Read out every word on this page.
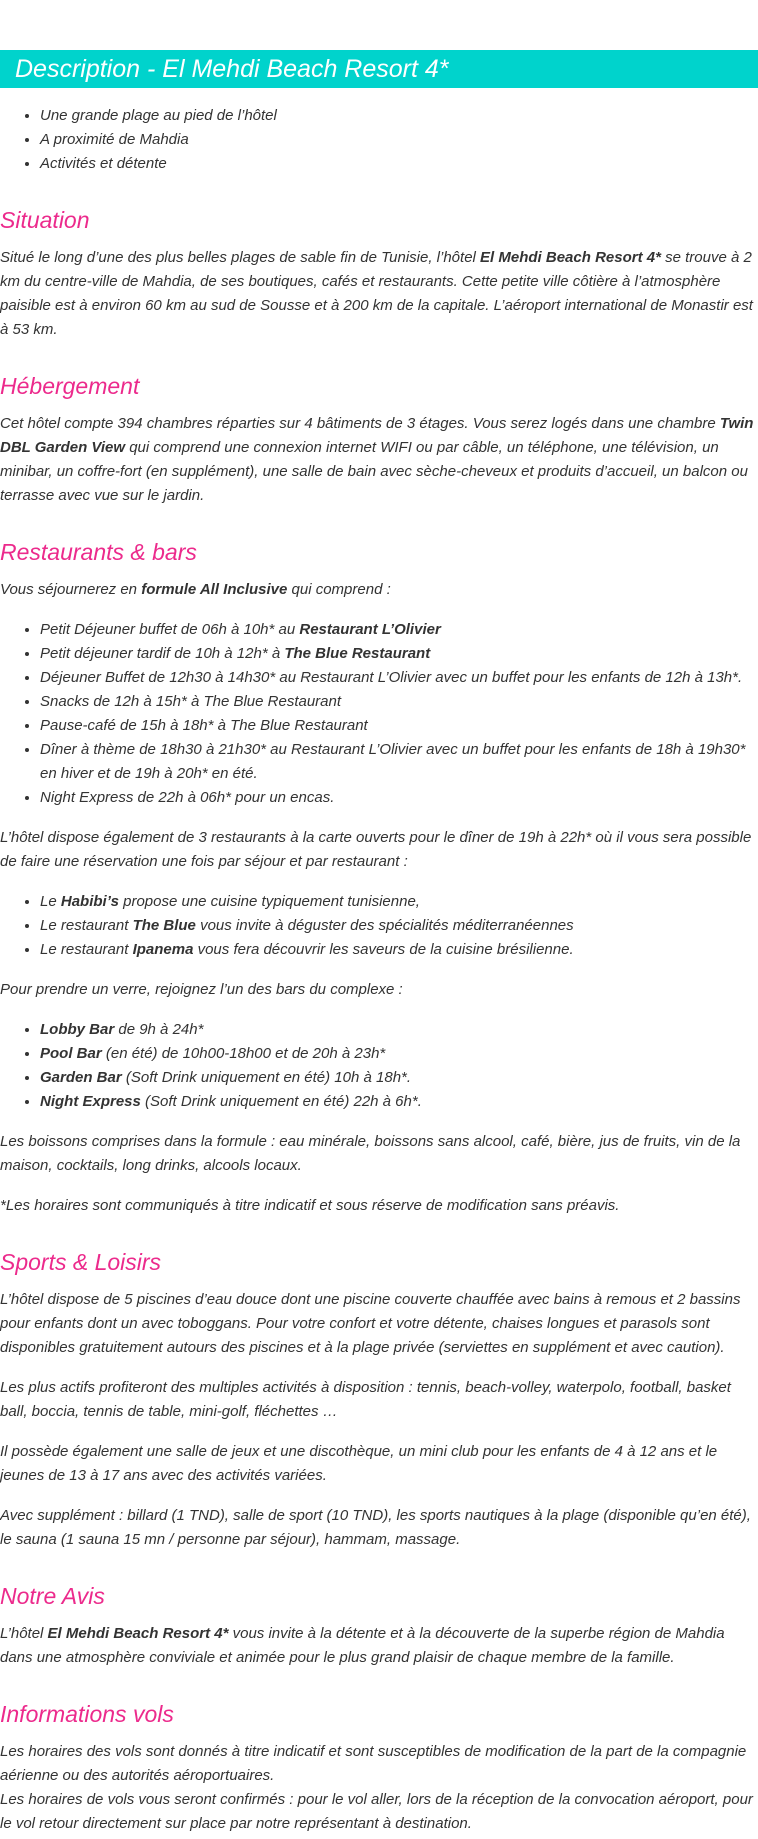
Description - El Mehdi Beach Resort 4*
• Une grande plage au pied de l’hôtel
• A proximité de Mahdia
• Activités et détente
Situation

Situé le long d’une des plus belles plages de sable fin de Tunisie, l’hôtel El Mehdi Beach Resort 4* se trouve à 2 km du centre-ville de Mahdia, de ses boutiques, cafés et restaurants. Cette petite ville côtière à l’atmosphère paisible est à environ 60 km au sud de Sousse et à 200 km de la capitale. L’aéroport international de Monastir est à 53 km.

Hébergement

Cet hôtel compte 394 chambres réparties sur 4 bâtiments de 3 étages. Vous serez logés dans une chambre Twin DBL Garden View qui comprend une connexion internet WIFI ou par câble, un téléphone, une télévision, un minibar, un coffre-fort (en supplément), une salle de bain avec sèche-cheveux et produits d’accueil, un balcon ou terrasse avec vue sur le jardin.

Restaurants & bars

Vous séjournerez en formule All Inclusive qui comprend :

• Petit Déjeuner buffet de 06h à 10h* au Restaurant L’Olivier
• Petit déjeuner tardif de 10h à 12h* à The Blue Restaurant
• Déjeuner Buffet de 12h30 à 14h30* au Restaurant L’Olivier avec un buffet pour les enfants de 12h à 13h*.
• Snacks de 12h à 15h* à The Blue Restaurant
• Pause-café de 15h à 18h* à The Blue Restaurant
• Dîner à thème de 18h30 à 21h30* au Restaurant L’Olivier avec un buffet pour les enfants de 18h à 19h30* en hiver et de 19h à 20h* en été.
• Night Express de 22h à 06h* pour un encas.

L’hôtel dispose également de 3 restaurants à la carte ouverts pour le dîner de 19h à 22h* où il vous sera possible de faire une réservation une fois par séjour et par restaurant :

• Le Habibi’s propose une cuisine typiquement tunisienne,
• Le restaurant The Blue vous invite à déguster des spécialités méditerranéennes
• Le restaurant Ipanema vous fera découvrir les saveurs de la cuisine brésilienne.

Pour prendre un verre, rejoignez l’un des bars du complexe :

• Lobby Bar de 9h à 24h*
• Pool Bar (en été) de 10h00-18h00 et de 20h à 23h*
• Garden Bar (Soft Drink uniquement en été) 10h à 18h*.
• Night Express (Soft Drink uniquement en été) 22h à 6h*.

Les boissons comprises dans la formule : eau minérale, boissons sans alcool, café, bière, jus de fruits, vin de la maison, cocktails, long drinks, alcools locaux.

*Les horaires sont communiqués à titre indicatif et sous réserve de modification sans préavis.

Sports & Loisirs

L’hôtel dispose de 5 piscines d’eau douce dont une piscine couverte chauffée avec bains à remous et 2 bassins pour enfants dont un avec toboggans. Pour votre confort et votre détente, chaises longues et parasols sont disponibles gratuitement autours des piscines et à la plage privée (serviettes en supplément et avec caution).

Les plus actifs profiteront des multiples activités à disposition : tennis, beach-volley, waterpolo, football, basket ball, boccia, tennis de table, mini-golf, fléchettes …

Il possède également une salle de jeux et une discothèque, un mini club pour les enfants de 4 à 12 ans et le jeunes de 13 à 17 ans avec des activités variées.

Avec supplément : billard (1 TND), salle de sport (10 TND), les sports nautiques à la plage (disponible qu’en été), le sauna (1 sauna 15 mn / personne par séjour), hammam, massage.

Notre Avis

L’hôtel El Mehdi Beach Resort 4* vous invite à la détente et à la découverte de la superbe région de Mahdia dans une atmosphère conviviale et animée pour le plus grand plaisir de chaque membre de la famille.

Informations vols

Les horaires des vols sont donnés à titre indicatif et sont susceptibles de modification de la part de la compagnie aérienne ou des autorités aéroportuaires.
Les horaires de vols vous seront confirmés : pour le vol aller, lors de la réception de la convocation aéroport, pour le vol retour directement sur place par notre représentant à destination.
